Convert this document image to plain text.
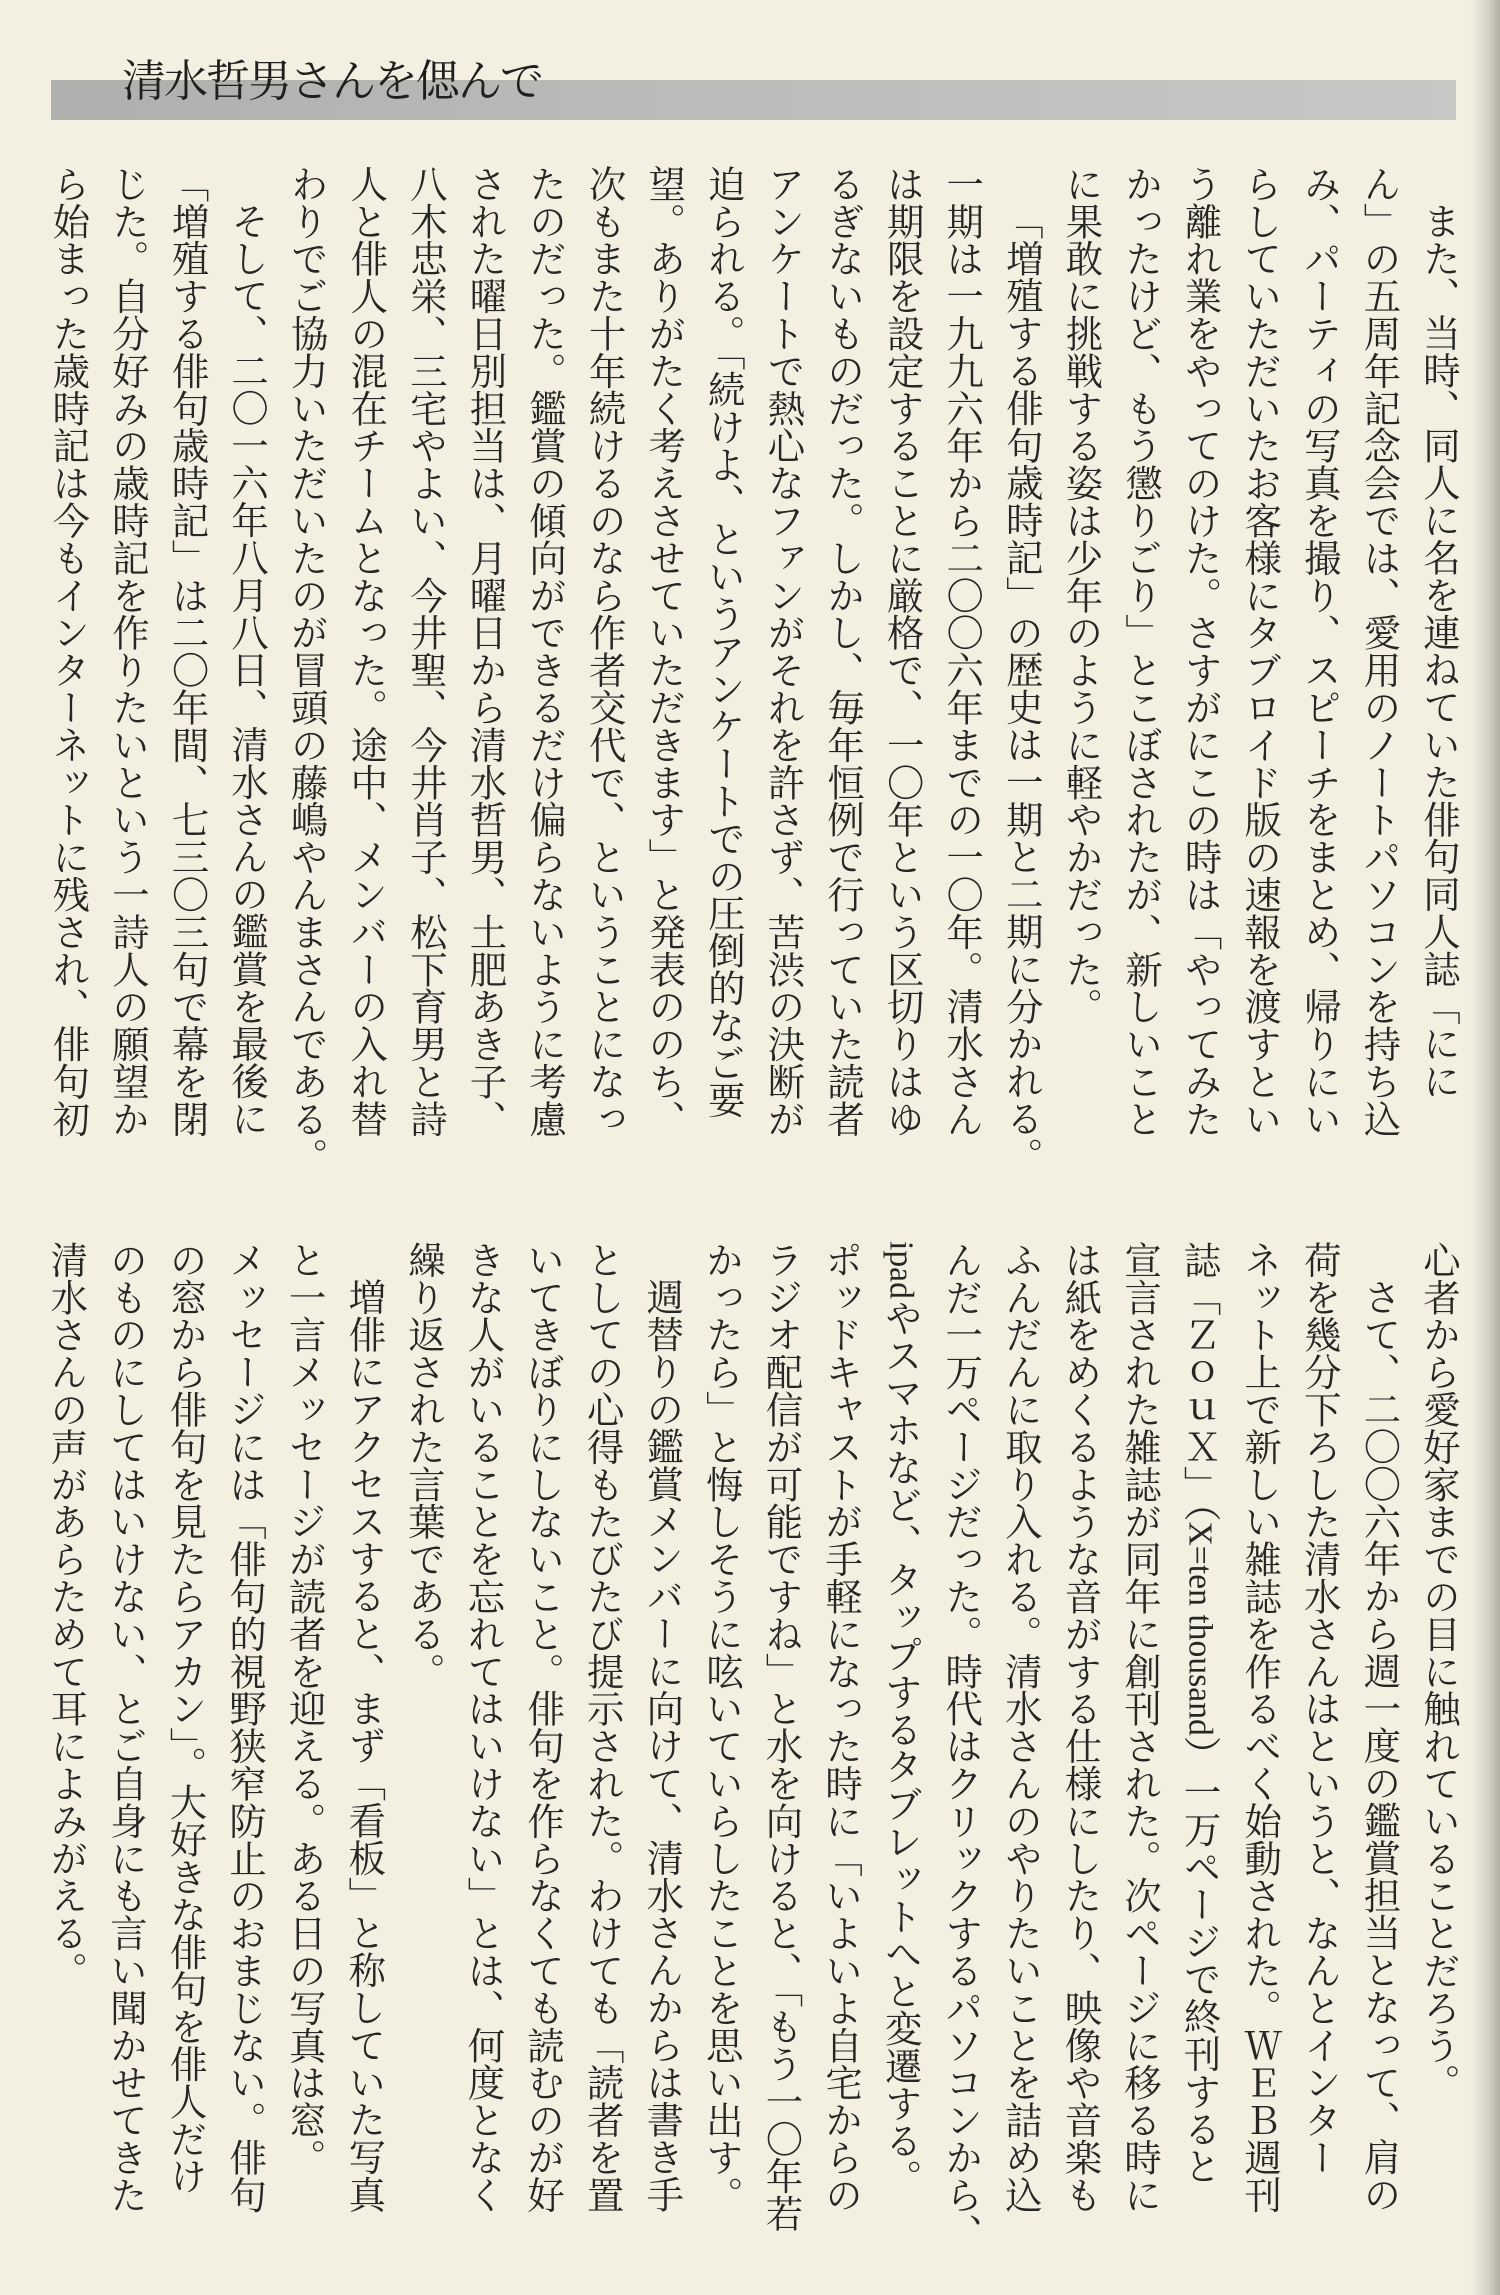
清水哲男さんを偲んで
また、当時、同人に名を連ねていた俳句同人誌「にに
ん」の五周年記念会では、愛用のノートパソコンを持ち込
み、パーティの写真を撮り、スピーチをまとめ、帰りにい
らしていただいたお客様にタブロイド版の速報を渡すとい
う離れ業をやってのけた。さすがにこの時は「やってみた
かったけど、もう懲りごり」とこぼされたが、新しいこと
に果敢に挑戦する姿は少年のように軽やかだった。
「増殖する俳句歳時記」の歴史は一期と二期に分かれる。
一期は一九九六年から二〇〇六年までの一〇年。清水さん
は期限を設定することに厳格で、一〇年という区切りはゆ
るぎないものだった。しかし、毎年恒例で行っていた読者
アンケートで熱心なファンがそれを許さず、苦渋の決断が
迫られる。「続けよ、というアンケートでの圧倒的なご要
望。ありがたく考えさせていただきます」と発表ののち、
次もまた十年続けるのなら作者交代で、ということになっ
たのだった。鑑賞の傾向ができるだけ偏らないように考慮
された曜日別担当は、月曜日から清水哲男、土肥あき子、
八木忠栄、三宅やよい、今井聖、今井肖子、松下育男と詩
人と俳人の混在チームとなった。途中、メンバーの入れ替
わりでご協力いただいたのが冒頭の藤嶋やんまさんである。
そして、二〇一六年八月八日、清水さんの鑑賞を最後に
「増殖する俳句歳時記」は二〇年間、七三〇三句で幕を閉
じた。自分好みの歳時記を作りたいという一詩人の願望か
ら始まった歳時記は今もインターネットに残され、俳句初
心者から愛好家までの目に触れていることだろう。
さて、二〇〇六年から週一度の鑑賞担当となって、肩の
荷を幾分下ろした清水さんはというと、なんとインター
ネット上で新しい雑誌を作るべく始動された。ＷＥＢ週刊
誌「ＺｏｕＸ」（X=ten thousand）一万ページで終刊すると
宣言された雑誌が同年に創刊された。次ページに移る時に
は紙をめくるような音がする仕様にしたり、映像や音楽も
ふんだんに取り入れる。清水さんのやりたいことを詰め込
んだ一万ページだった。時代はクリックするパソコンから、
ipadやスマホなど、タップするタブレットへと変遷する。
ポッドキャストが手軽になった時に「いよいよ自宅からの
ラジオ配信が可能ですね」と水を向けると、「もう一〇年若
かったら」と悔しそうに呟いていらしたことを思い出す。
週替りの鑑賞メンバーに向けて、清水さんからは書き手
としての心得もたびたび提示された。わけても「読者を置
いてきぼりにしないこと。俳句を作らなくても読むのが好
きな人がいることを忘れてはいけない」とは、何度となく
繰り返された言葉である。
増俳にアクセスすると、まず「看板」と称していた写真
と一言メッセージが読者を迎える。ある日の写真は窓。
メッセージには「俳句的視野狭窄防止のおまじない。俳句
の窓から俳句を見たらアカン」。大好きな俳句を俳人だけ
のものにしてはいけない、とご自身にも言い聞かせてきた
清水さんの声があらためて耳によみがえる。
